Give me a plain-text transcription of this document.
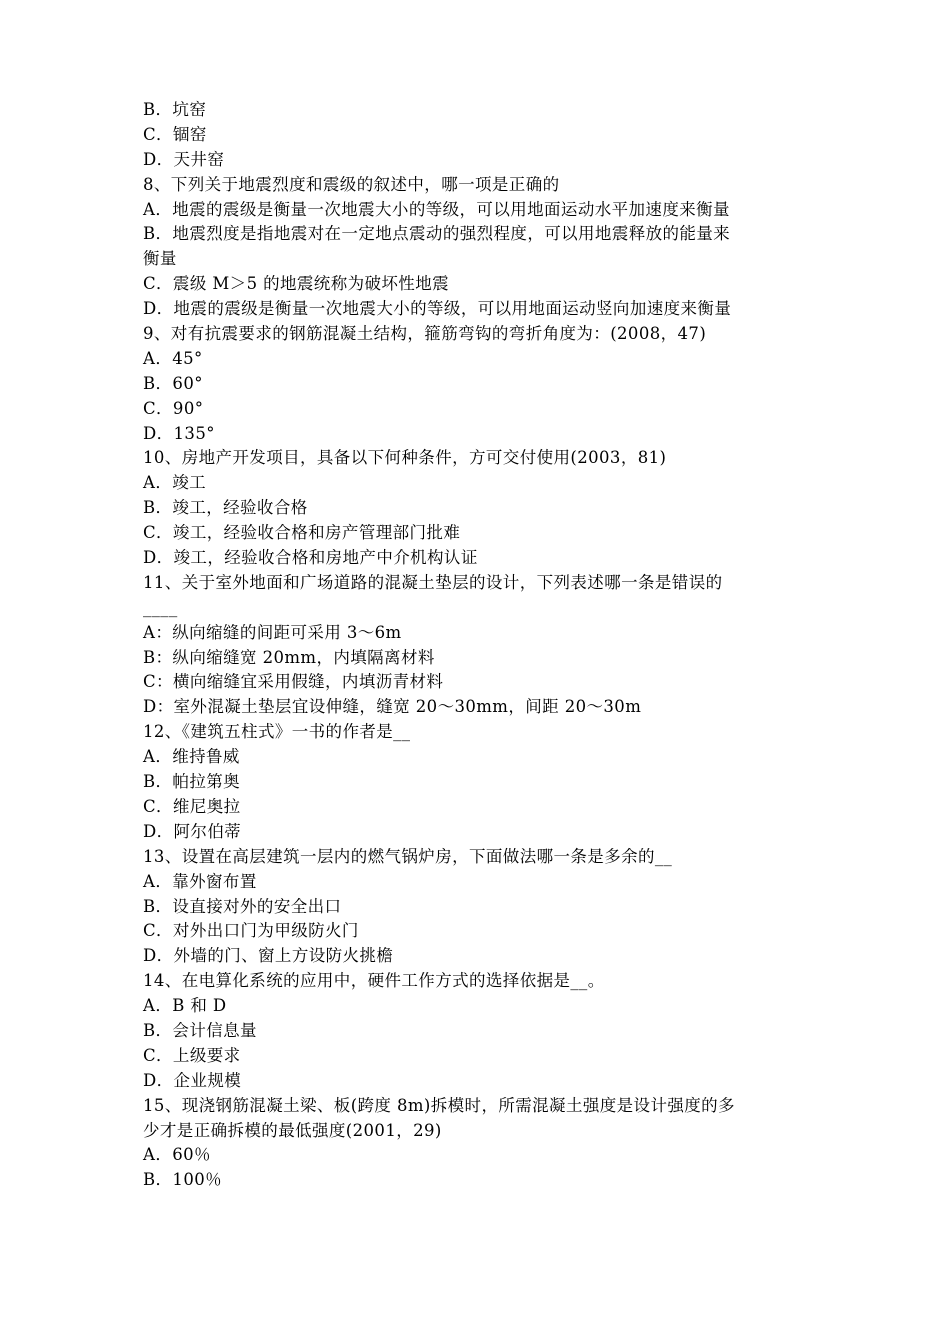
B．坑窑
C．锢窑
D．天井窑
8、下列关于地震烈度和震级的叙述中，哪一项是正确的
A．地震的震级是衡量一次地震大小的等级，可以用地面运动水平加速度来衡量
B．地震烈度是指地震对在一定地点震动的强烈程度，可以用地震释放的能量来
衡量
C．震级 M＞5 的地震统称为破坏性地震
D．地震的震级是衡量一次地震大小的等级，可以用地面运动竖向加速度来衡量
9、对有抗震要求的钢筋混凝土结构，箍筋弯钩的弯折角度为：(2008，47)
A．45°
B．60°
C．90°
D．135°
10、房地产开发项目，具备以下何种条件，方可交付使用(2003，81)
A．竣工
B．竣工，经验收合格
C．竣工，经验收合格和房产管理部门批难
D．竣工，经验收合格和房地产中介机构认证
11、关于室外地面和广场道路的混凝土垫层的设计，下列表述哪一条是错误的
____
A：纵向缩缝的间距可采用 3～6m
B：纵向缩缝宽 20mm，内填隔离材料
C：横向缩缝宜采用假缝，内填沥青材料
D：室外混凝土垫层宜设伸缝，缝宽 20～30mm，间距 20～30m
12、《建筑五柱式》一书的作者是__
A．维持鲁威
B．帕拉第奥
C．维尼奥拉
D．阿尔伯蒂
13、设置在高层建筑一层内的燃气锅炉房，下面做法哪一条是多余的__
A．靠外窗布置
B．设直接对外的安全出口
C．对外出口门为甲级防火门
D．外墙的门、窗上方设防火挑檐
14、在电算化系统的应用中，硬件工作方式的选择依据是__。
A．B 和 D
B．会计信息量
C．上级要求
D．企业规模
15、现浇钢筋混凝土梁、板(跨度 8m)拆模时，所需混凝土强度是设计强度的多
少才是正确拆模的最低强度(2001，29)
A．60％
B．100％
